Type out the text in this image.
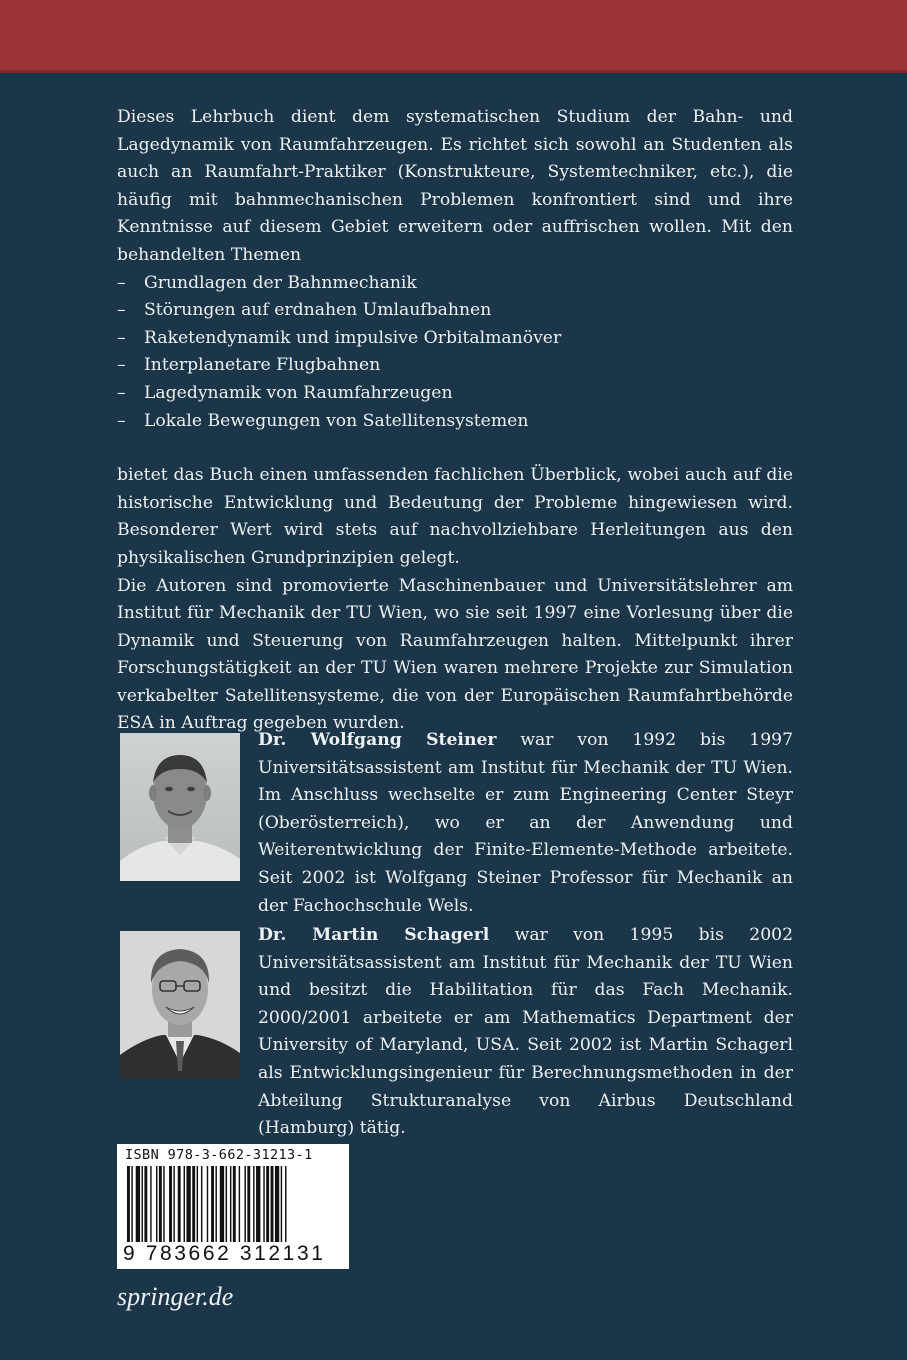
Dieses Lehrbuch dient dem systematischen Studium der Bahn- und Lagedynamik von Raumfahrzeugen. Es richtet sich sowohl an Studenten als auch an Raumfahrt-Praktiker (Konstrukteure, Systemtechniker, etc.), die häufig mit bahnmechanischen Problemen konfrontiert sind und ihre Kenntnisse auf diesem Gebiet erweitern oder auffrischen wollen. Mit den behandelten Themen

– Grundlagen der Bahnmechanik
– Störungen auf erdnahen Umlaufbahnen
– Raketendynamik und impulsive Orbitalmanöver
– Interplanetare Flugbahnen
– Lagedynamik von Raumfahrzeugen
– Lokale Bewegungen von Satellitensystemen

bietet das Buch einen umfassenden fachlichen Überblick, wobei auch auf die historische Entwicklung und Bedeutung der Probleme hingewiesen wird. Besonderer Wert wird stets auf nachvollziehbare Herleitungen aus den physikalischen Grundprinzipien gelegt.

Die Autoren sind promovierte Maschinenbauer und Universitätslehrer am Institut für Mechanik der TU Wien, wo sie seit 1997 eine Vorlesung über die Dynamik und Steuerung von Raumfahrzeugen halten. Mittelpunkt ihrer Forschungstätigkeit an der TU Wien waren mehrere Projekte zur Simulation verkabelter Satellitensysteme, die von der Europäischen Raumfahrtbehörde ESA in Auftrag gegeben wurden.

Dr. Wolfgang Steiner war von 1992 bis 1997 Universitätsassistent am Institut für Mechanik der TU Wien. Im Anschluss wechselte er zum Engineering Center Steyr (Oberösterreich), wo er an der Anwendung und Weiterentwicklung der Finite-Elemente-Methode arbeitete. Seit 2002 ist Wolfgang Steiner Professor für Mechanik an der Fachochschule Wels.
Dr. Martin Schagerl war von 1995 bis 2002 Universitätsassistent am Institut für Mechanik der TU Wien und besitzt die Habilitation für das Fach Mechanik. 2000/2001 arbeitete er am Mathematics Department der University of Maryland, USA. Seit 2002 ist Martin Schagerl als Entwicklungsingenieur für Berechnungsmethoden in der Abteilung Strukturanalyse von Airbus Deutschland (Hamburg) tätig.
ISBN 978-3-662-31213-1
9 783662 312131
springer.de
